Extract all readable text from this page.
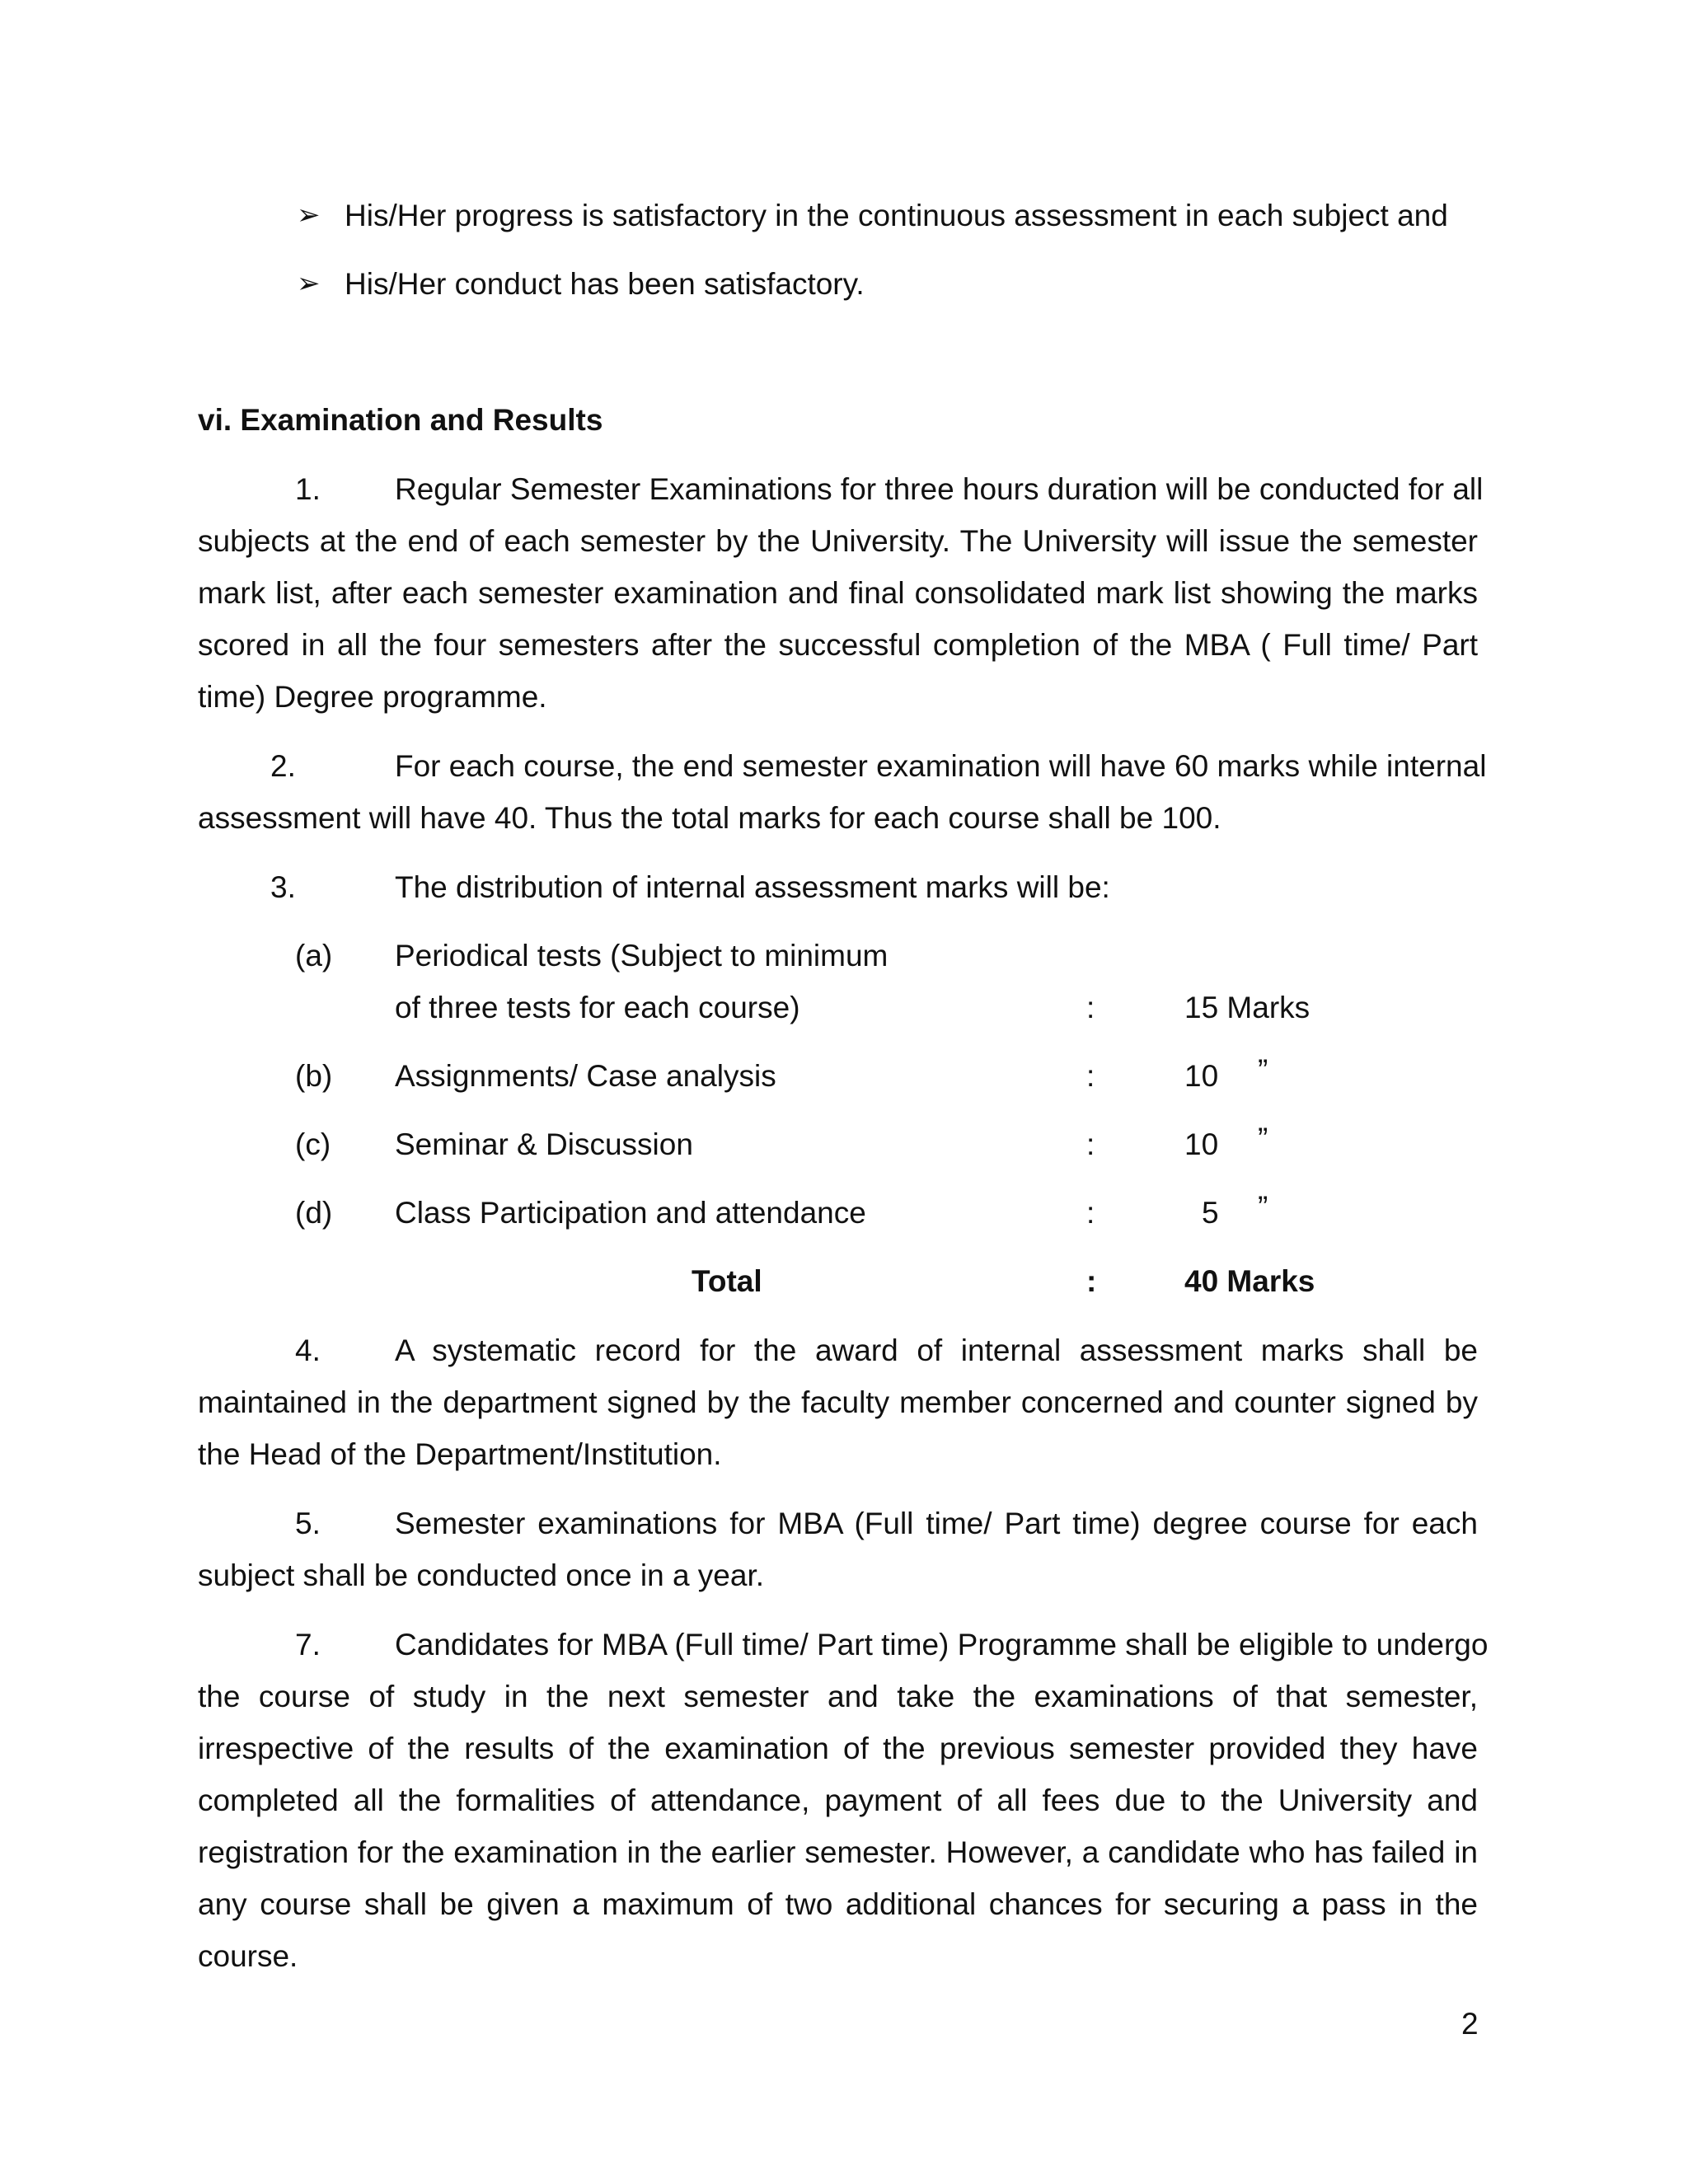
➢ His/Her progress is satisfactory in the continuous assessment in each subject and
➢ His/Her conduct has been satisfactory.
vi. Examination and Results
1. Regular Semester Examinations for three hours duration will be conducted for all
subjects at the end of each semester by the University. The University will issue the semester
mark list, after each semester examination and final consolidated mark list showing the marks
scored in all the four semesters after the successful completion of the MBA ( Full time/ Part
time) Degree programme.
2.	For each course, the end semester examination will have 60 marks while internal
assessment will have 40. Thus the total marks for each course shall be 100.
3.	The distribution of internal assessment marks will be:
(a) Periodical tests (Subject to minimum
of three tests for each course)	:	15 Marks
(b) Assignments/ Case analysis	:	10 ”
(c) Seminar & Discussion	:	10 ”
(d) Class Participation and attendance	:	5 ”
Total	:	40 Marks
4. A systematic record for the award of internal assessment marks shall be
maintained in the department signed by the faculty member concerned and counter signed by
the Head of the Department/Institution.
5. Semester examinations for MBA (Full time/ Part time) degree course for each
subject shall be conducted once in a year.
7. Candidates for MBA (Full time/ Part time) Programme shall be eligible to undergo
the course of study in the next semester and take the examinations of that semester,
irrespective of the results of the examination of the previous semester provided they have
completed all the formalities of attendance, payment of all fees due to the University and
registration for the examination in the earlier semester. However, a candidate who has failed in
any course shall be given a maximum of two additional chances for securing a pass in the
course.
2
